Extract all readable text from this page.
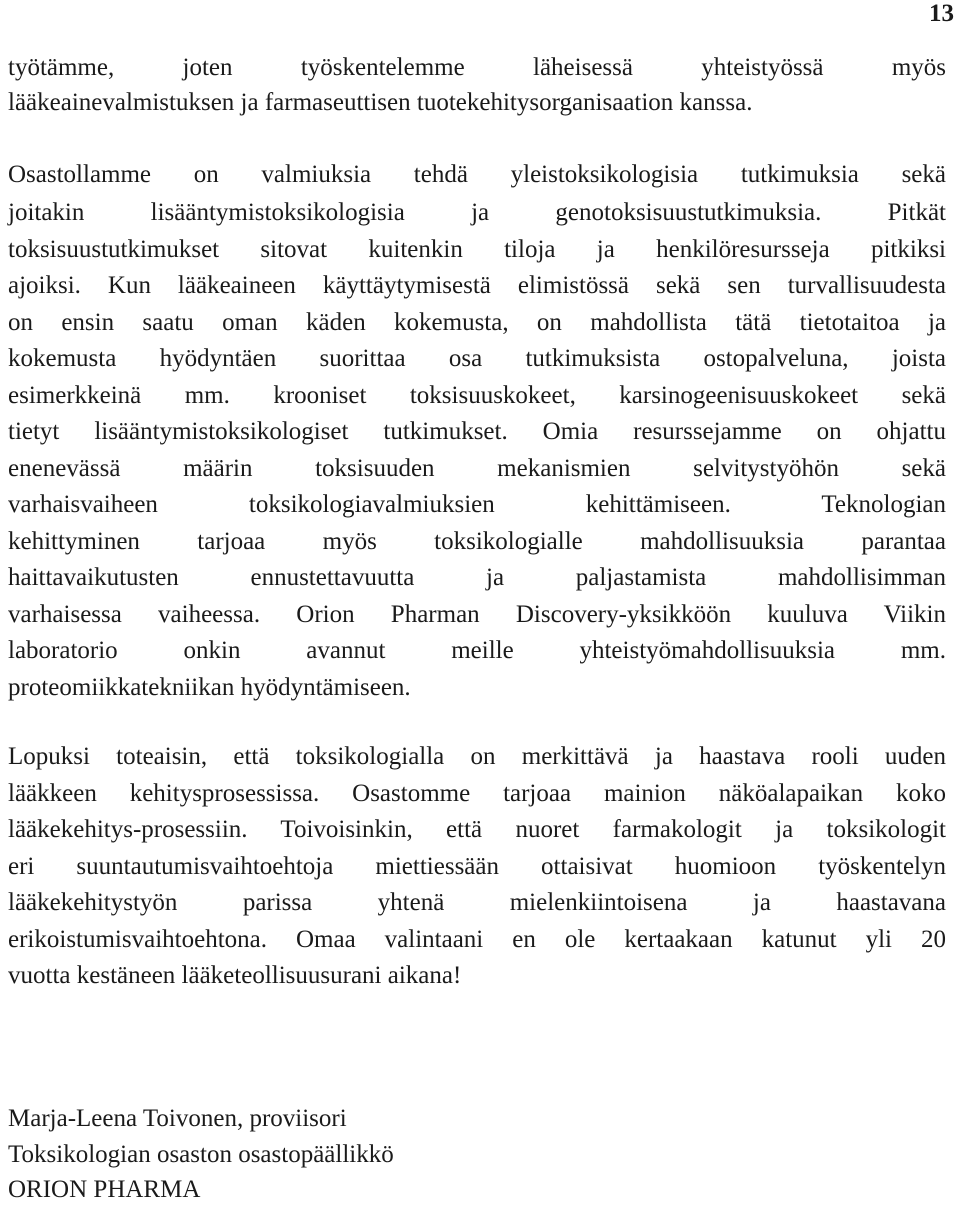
13
työtämme, joten työskentelemme läheisessä yhteistyössä myös
lääkeainevalmistuksen ja farmaseuttisen tuotekehitysorganisaation kanssa.
Osastollamme on valmiuksia tehdä yleistoksikologisia tutkimuksia sekä
joitakin lisääntymistoksikologisia ja genotoksisuustutkimuksia. Pitkät
toksisuustutkimukset sitovat kuitenkin tiloja ja henkilöresursseja pitkiksi
ajoiksi. Kun lääkeaineen käyttäytymisestä elimistössä sekä sen turvallisuudesta
on ensin saatu oman käden kokemusta, on mahdollista tätä tietotaitoa ja
kokemusta hyödyntäen suorittaa osa tutkimuksista ostopalveluna, joista
esimerkkeinä mm. krooniset toksisuuskokeet, karsinogeenisuuskokeet sekä
tietyt lisääntymistoksikologiset tutkimukset. Omia resurssejamme on ohjattu
enenevässä määrin toksisuuden mekanismien selvitystyöhön sekä
varhaisvaiheen toksikologiavalmiuksien kehittämiseen. Teknologian
kehittyminen tarjoaa myös toksikologialle mahdollisuuksia parantaa
haittavaikutusten ennustettavuutta ja paljastamista mahdollisimman
varhaisessa vaiheessa. Orion Pharman Discovery-yksikköön kuuluva Viikin
laboratorio onkin avannut meille yhteistyömahdollisuuksia mm.
proteomiikkatekniikan hyödyntämiseen.
Lopuksi toteaisin, että toksikologialla on merkittävä ja haastava rooli uuden
lääkkeen kehitysprosessissa. Osastomme tarjoaa mainion näköalapaikan koko
lääkekehitys-prosessiin. Toivoisinkin, että nuoret farmakologit ja toksikologit
eri suuntautumisvaihtoehtoja miettiessään ottaisivat huomioon työskentelyn
lääkekehitystyön parissa yhtenä mielenkiintoisena ja haastavana
erikoistumisvaihtoehtona. Omaa valintaani en ole kertaakaan katunut yli 20
vuotta kestäneen lääketeollisuusurani aikana!
Marja-Leena Toivonen, proviisori
Toksikologian osaston osastopäällikkö
ORION PHARMA
